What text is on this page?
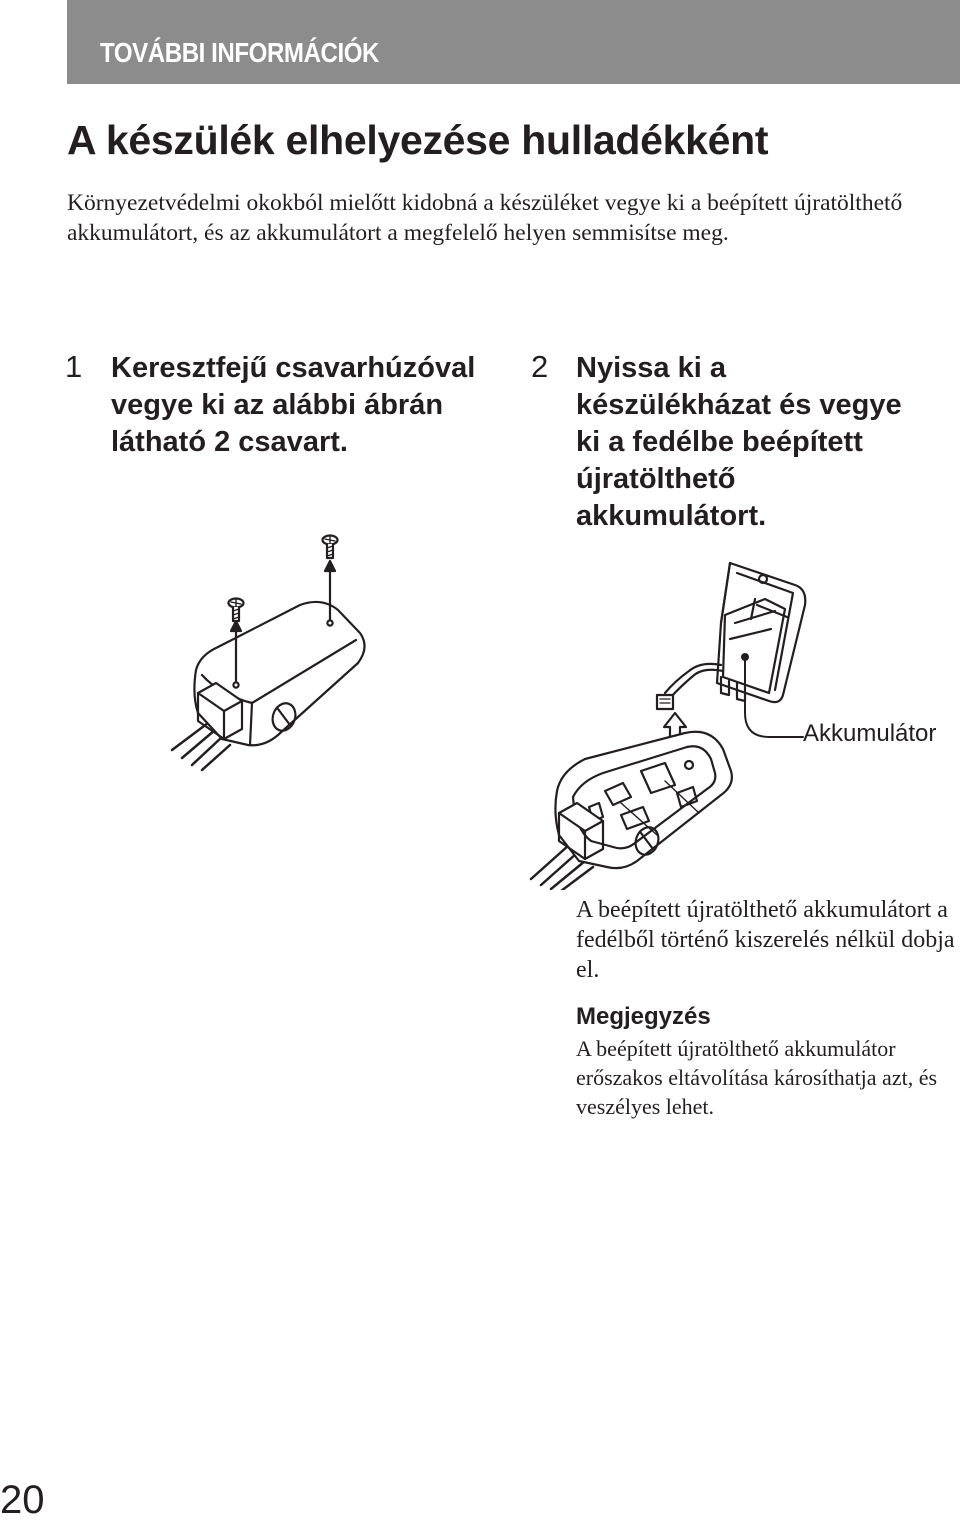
TOVÁBBI INFORMÁCIÓK
A készülék elhelyezése hulladékként
Környezetvédelmi okokból mielőtt kidobná a készüléket vegye ki a beépített újratölthető akkumulátort, és az akkumulátort a megfelelő helyen semmisítse meg.
1 Keresztfejű csavarhúzóval vegye ki az alábbi ábrán látható 2 csavart.
2 Nyissa ki a készülékházat és vegye ki a fedélbe beépített újratölthető akkumulátort.
Akkumulátor
A beépített újratölthető akkumulátort a fedélből történő kiszerelés nélkül dobja el.
Megjegyzés
A beépített újratölthető akkumulátor erőszakos eltávolítása károsíthatja azt, és veszélyes lehet.
20
